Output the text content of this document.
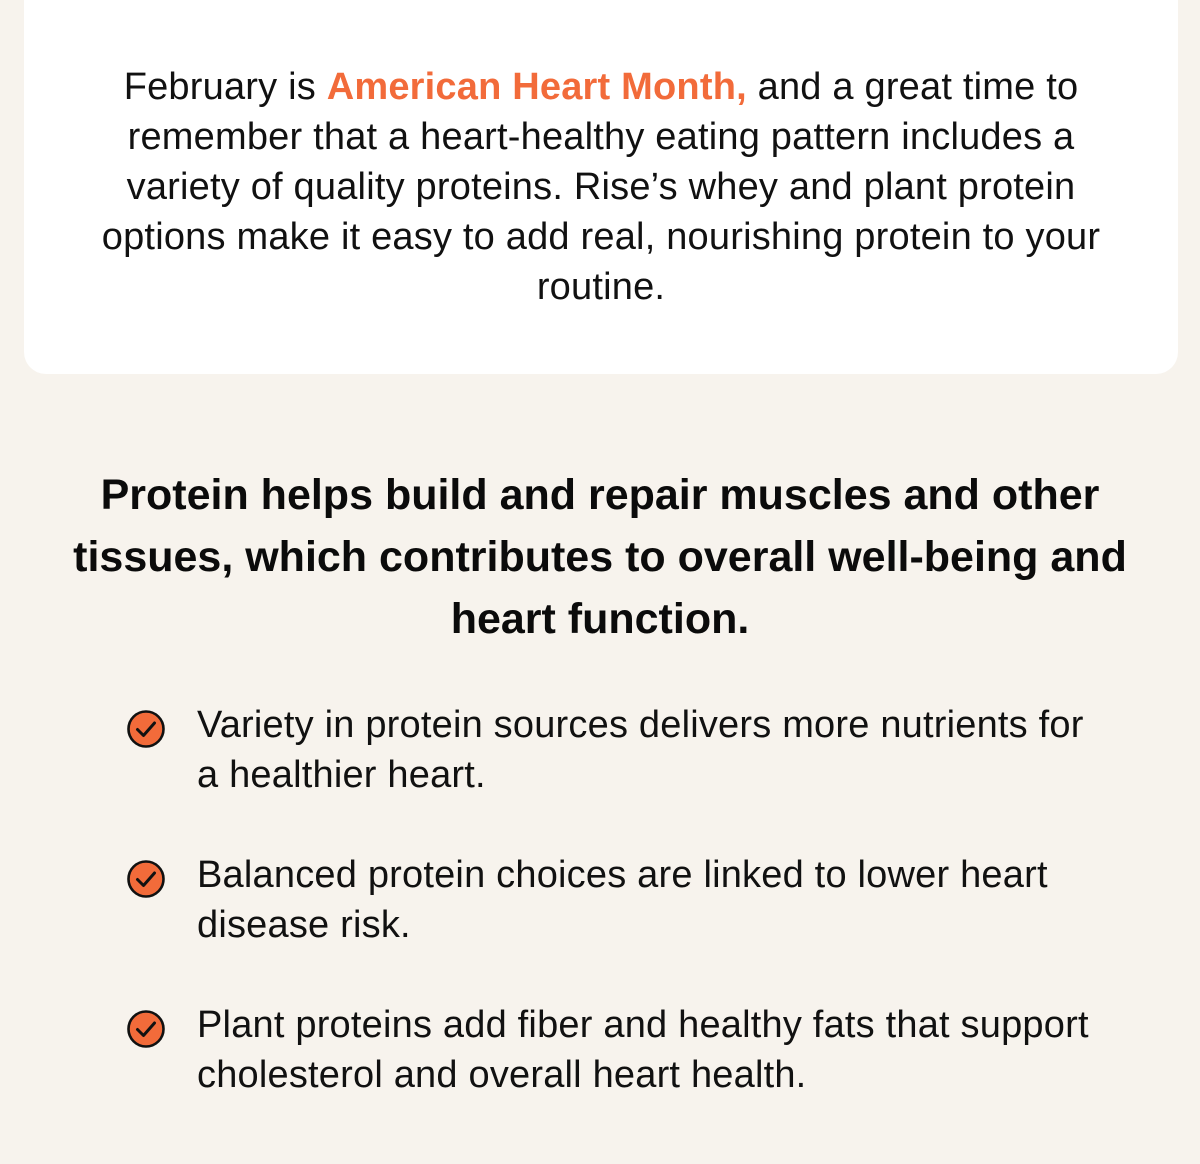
February is American Heart Month, and a great time to remember that a heart-healthy eating pattern includes a variety of quality proteins. Rise’s whey and plant protein options make it easy to add real, nourishing protein to your routine.

Protein helps build and repair muscles and other tissues, which contributes to overall well-being and heart function.
Variety in protein sources delivers more nutrients for a healthier heart.
Balanced protein choices are linked to lower heart disease risk.
Plant proteins add fiber and healthy fats that support cholesterol and overall heart health.
